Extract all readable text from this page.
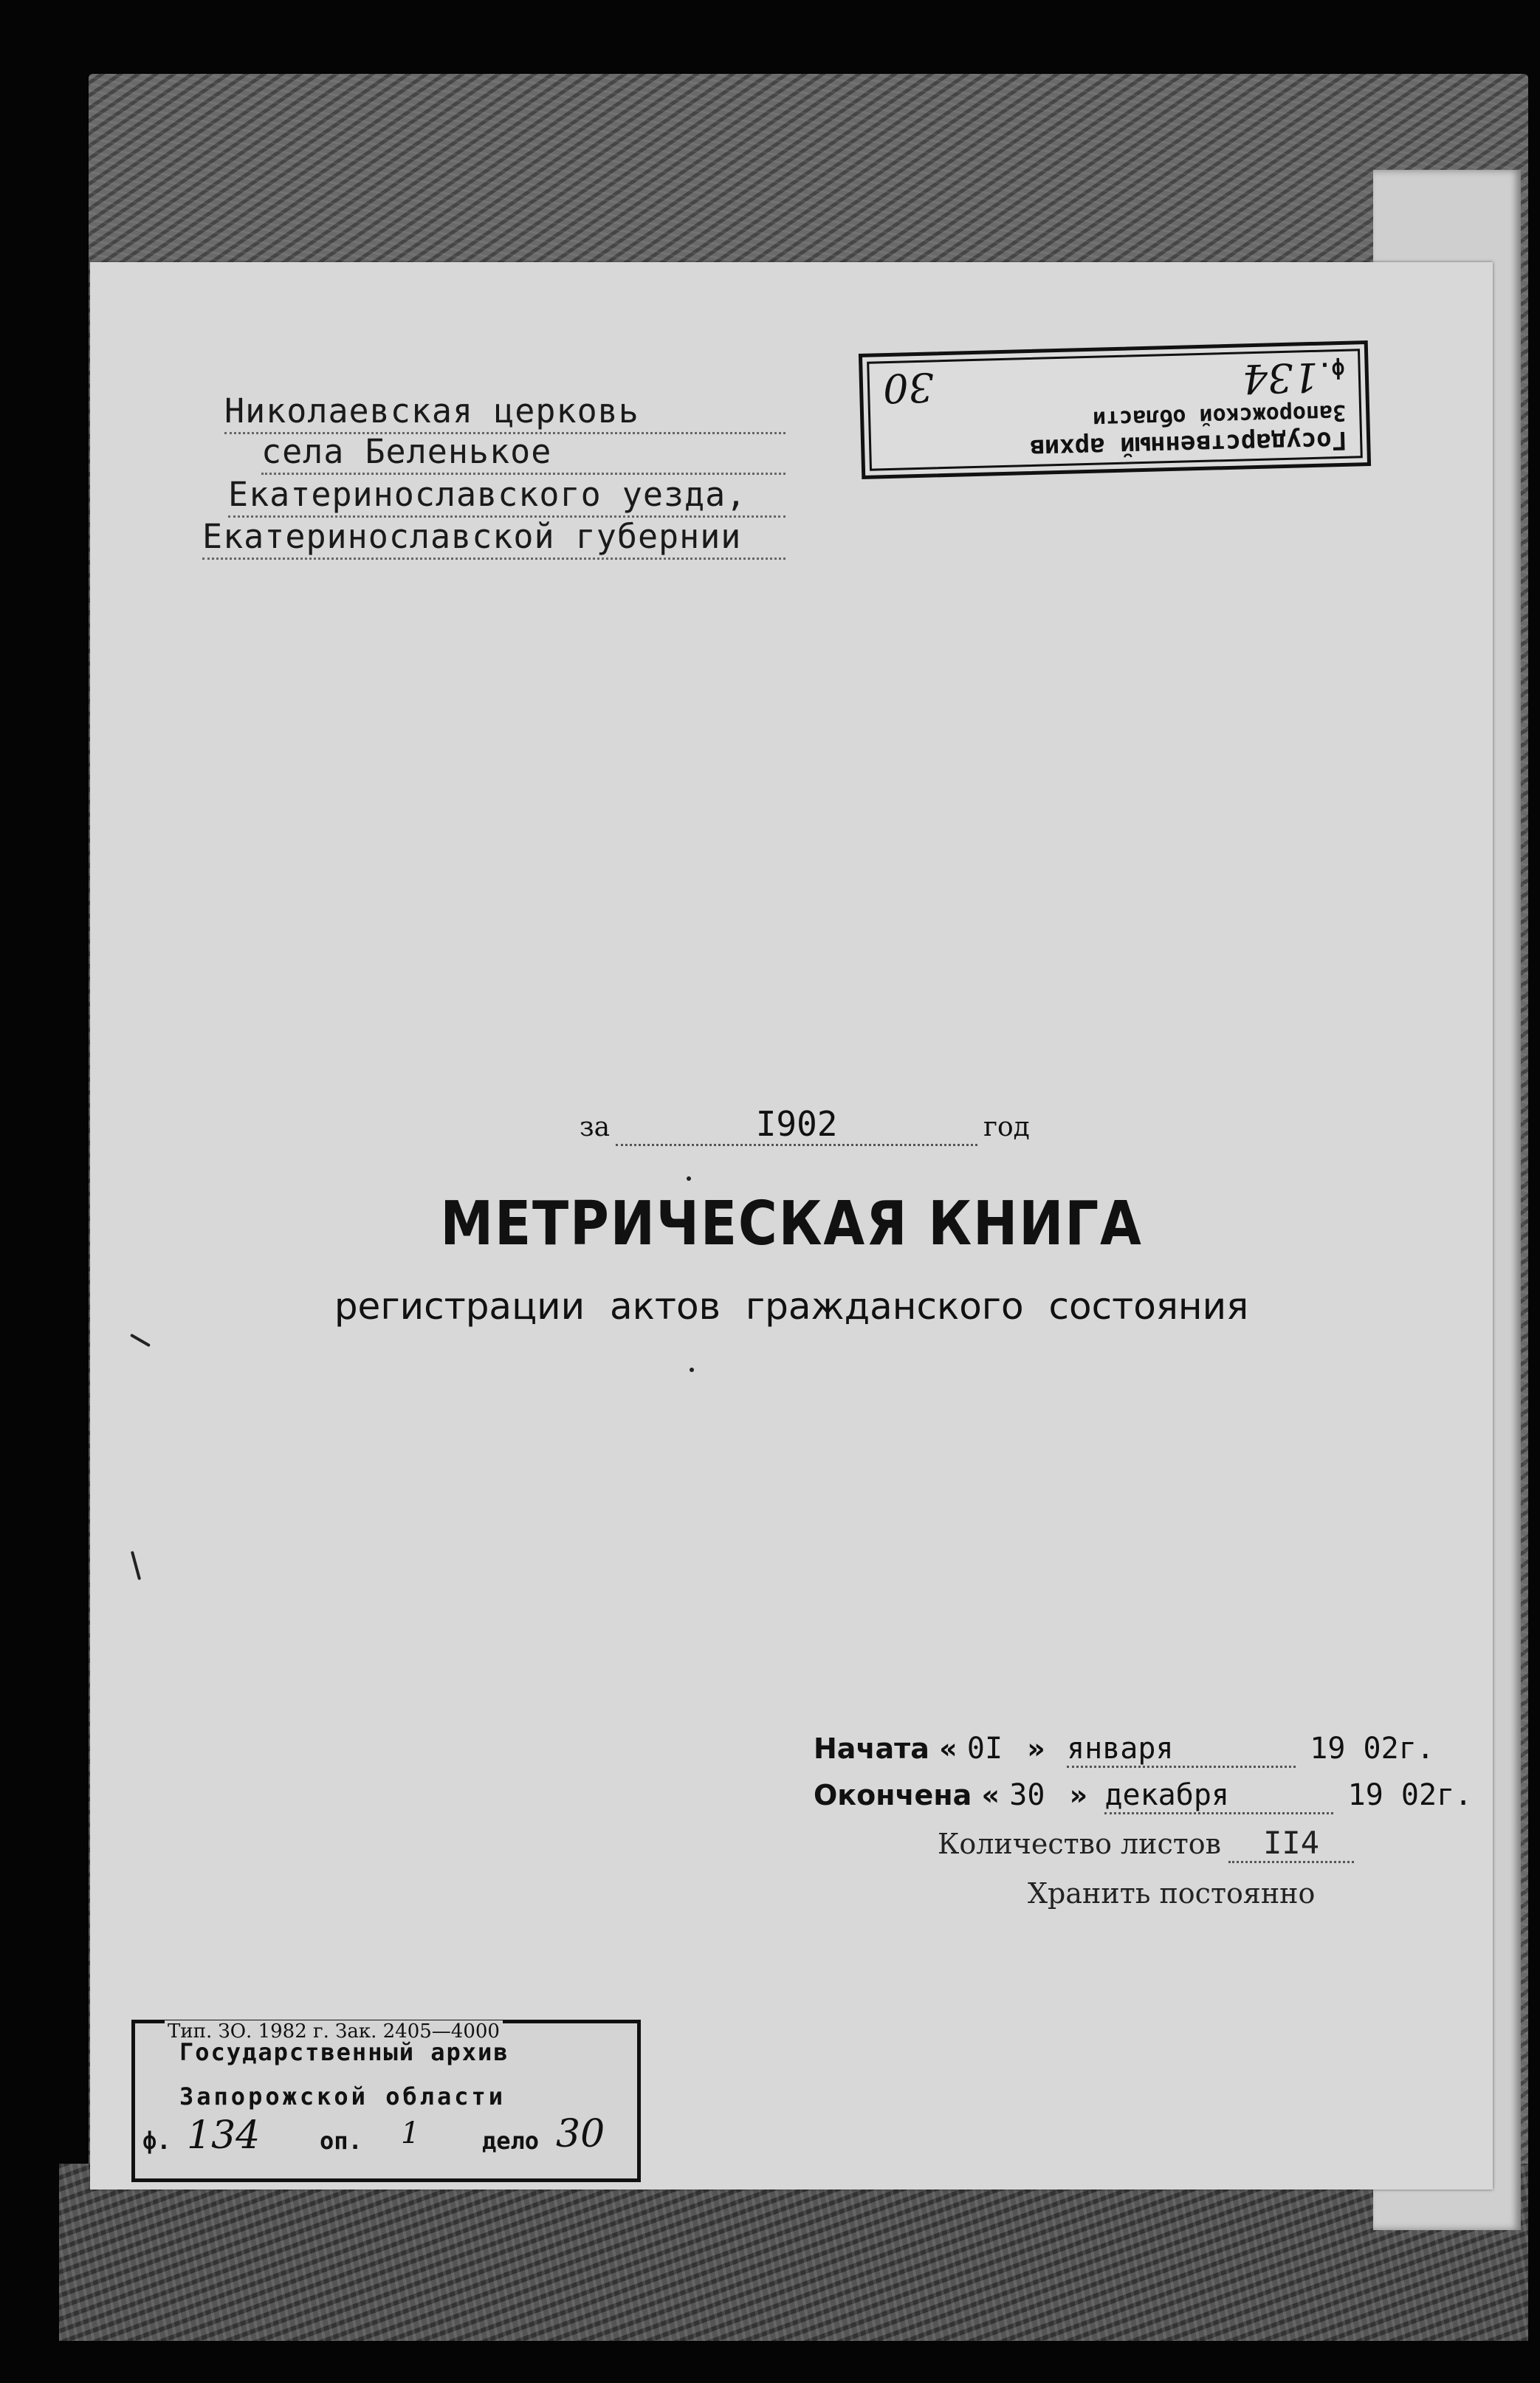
Николаевская церковь
села Беленькое
Екатеринославского уезда,
Екатеринославской губернии
Государственный архив
Запорожской области
ф.134
30
МЕТРИЧЕСКАЯ КНИГА
регистрации актов гражданского состояния
за	I902	год
Начата « 0I » января	19 02г.
Окончена « 30 » декабря	19 02г.
Количество листов II4
Хранить постоянно
Тип. ЗО. 1982 г. Зак. 2405—4000
Государственный архив
Запорожской области
ф. 134	оп. 1	дело 30
